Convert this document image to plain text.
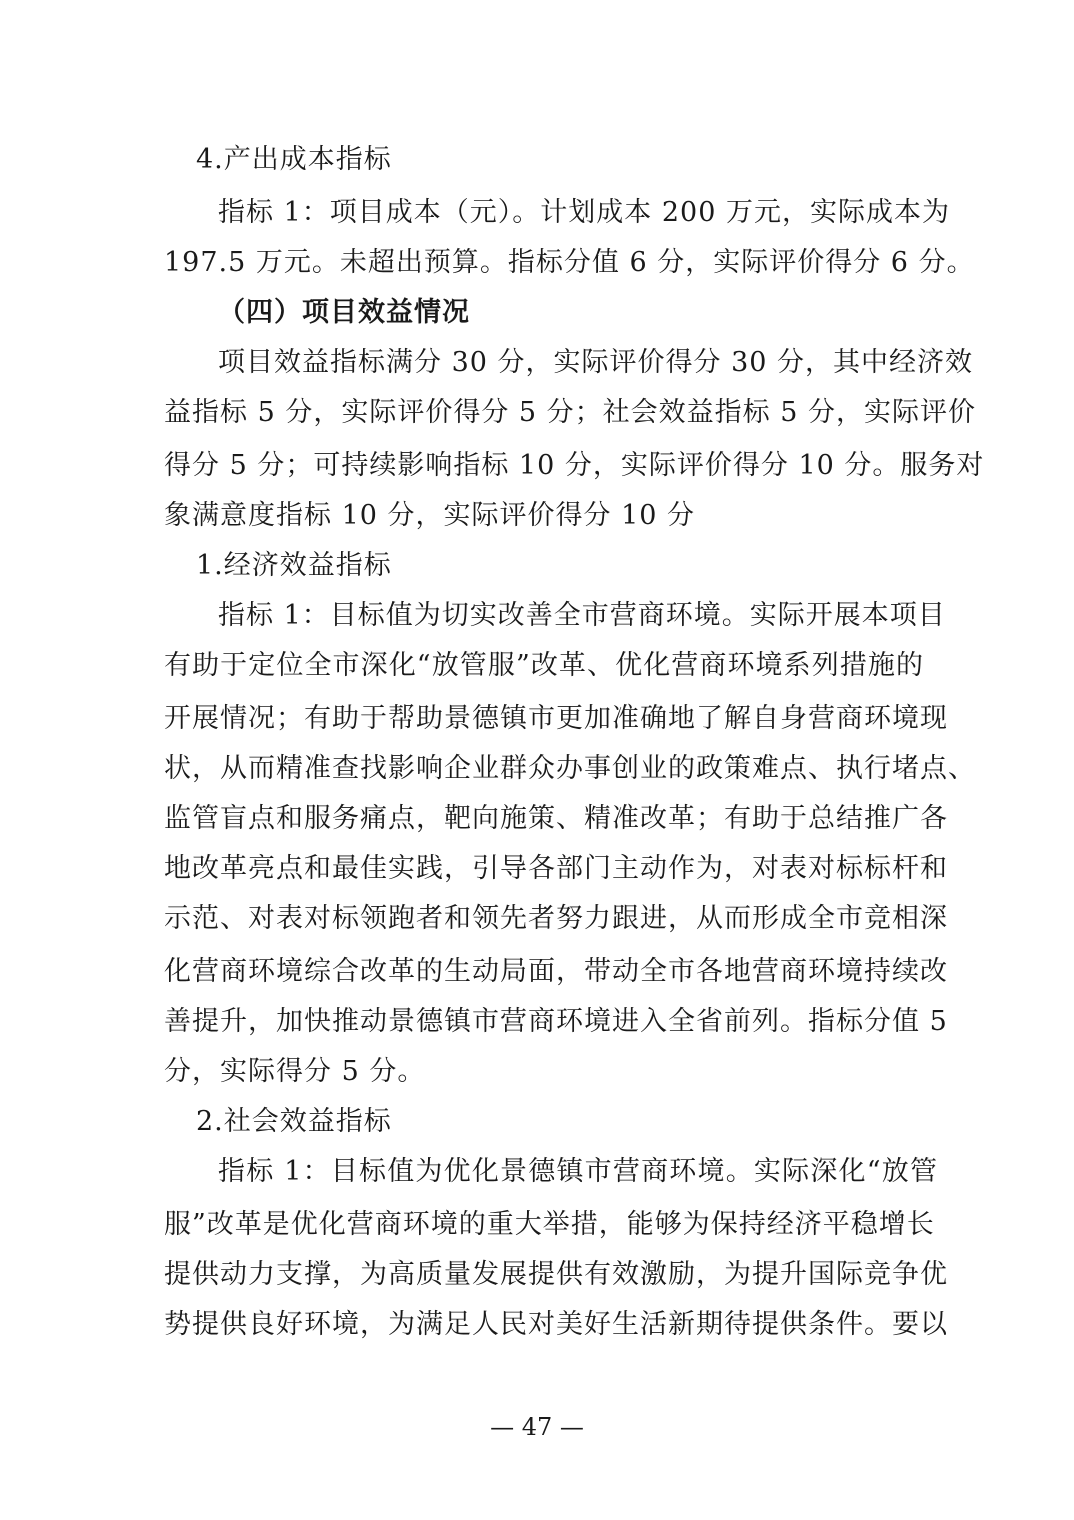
4.产出成本指标
指标 1：项目成本（元）。计划成本 200 万元，实际成本为
197.5 万元。未超出预算。指标分值 6 分，实际评价得分 6 分。
（四）项目效益情况
项目效益指标满分 30 分，实际评价得分 30 分，其中经济效
益指标 5 分，实际评价得分 5 分；社会效益指标 5 分，实际评价
得分 5 分；可持续影响指标 10 分，实际评价得分 10 分。服务对
象满意度指标 10 分，实际评价得分 10 分
1.经济效益指标
指标 1：目标值为切实改善全市营商环境。实际开展本项目
有助于定位全市深化“放管服”改革、优化营商环境系列措施的
开展情况；有助于帮助景德镇市更加准确地了解自身营商环境现
状，从而精准查找影响企业群众办事创业的政策难点、执行堵点、
监管盲点和服务痛点，靶向施策、精准改革；有助于总结推广各
地改革亮点和最佳实践，引导各部门主动作为，对表对标标杆和
示范、对表对标领跑者和领先者努力跟进，从而形成全市竞相深
化营商环境综合改革的生动局面，带动全市各地营商环境持续改
善提升，加快推动景德镇市营商环境进入全省前列。指标分值 5
分，实际得分 5 分。
2.社会效益指标
指标 1：目标值为优化景德镇市营商环境。实际深化“放管
服”改革是优化营商环境的重大举措，能够为保持经济平稳增长
提供动力支撑，为高质量发展提供有效激励，为提升国际竞争优
势提供良好环境，为满足人民对美好生活新期待提供条件。要以
— 47 —
